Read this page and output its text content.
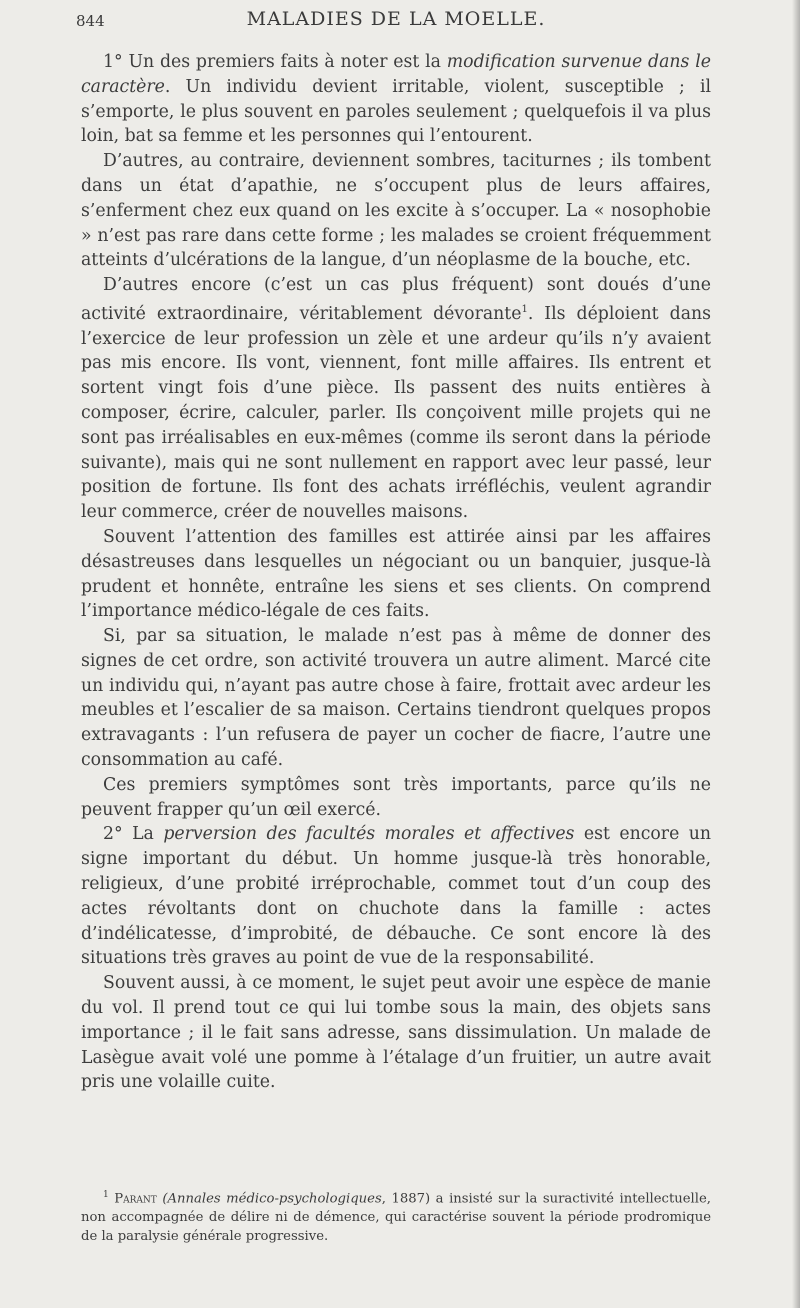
844	MALADIES DE LA MOELLE.

1° Un des premiers faits à noter est la modification survenue dans le caractère. Un individu devient irritable, violent, susceptible ; il s’emporte, le plus souvent en paroles seulement ; quelquefois il va plus loin, bat sa femme et les personnes qui l’entourent.

D’autres, au contraire, deviennent sombres, taciturnes ; ils tombent dans un état d’apathie, ne s’occupent plus de leurs affaires, s’enferment chez eux quand on les excite à s’occuper. La « nosophobie » n’est pas rare dans cette forme ; les malades se croient fréquemment atteints d’ulcérations de la langue, d’un néoplasme de la bouche, etc.

D’autres encore (c’est un cas plus fréquent) sont doués d’une activité extraordinaire, véritablement dévorante$^1$. Ils déploient dans l’exercice de leur profession un zèle et une ardeur qu’ils n’y avaient pas mis encore. Ils vont, viennent, font mille affaires. Ils entrent et sortent vingt fois d’une pièce. Ils passent des nuits entières à composer, écrire, calculer, parler. Ils conçoivent mille projets qui ne sont pas irréalisables en eux-mêmes (comme ils seront dans la période suivante), mais qui ne sont nullement en rapport avec leur passé, leur position de fortune. Ils font des achats irréfléchis, veulent agrandir leur commerce, créer de nouvelles maisons.

Souvent l’attention des familles est attirée ainsi par les affaires désastreuses dans lesquelles un négociant ou un banquier, jusque-là prudent et honnête, entraîne les siens et ses clients. On comprend l’importance médico-légale de ces faits.

Si, par sa situation, le malade n’est pas à même de donner des signes de cet ordre, son activité trouvera un autre aliment. Marcé cite un individu qui, n’ayant pas autre chose à faire, frottait avec ardeur les meubles et l’escalier de sa maison. Certains tiendront quelques propos extravagants : l’un refusera de payer un cocher de fiacre, l’autre une consommation au café.

Ces premiers symptômes sont très importants, parce qu’ils ne peuvent frapper qu’un œil exercé.

2° La perversion des facultés morales et affectives est encore un signe important du début. Un homme jusque-là très honorable, religieux, d’une probité irréprochable, commet tout d’un coup des actes révoltants dont on chuchote dans la famille : actes d’indélicatesse, d’improbité, de débauche. Ce sont encore là des situations très graves au point de vue de la responsabilité.

Souvent aussi, à ce moment, le sujet peut avoir une espèce de manie du vol. Il prend tout ce qui lui tombe sous la main, des objets sans importance ; il le fait sans adresse, sans dissimulation. Un malade de Lasègue avait volé une pomme à l’étalage d’un fruitier, un autre avait pris une volaille cuite.

$^1$ Parant (Annales médico-psychologiques, 1887) a insisté sur la suractivité intellectuelle, non accompagnée de délire ni de démence, qui caractérise souvent la période prodromique de la paralysie générale progressive.
